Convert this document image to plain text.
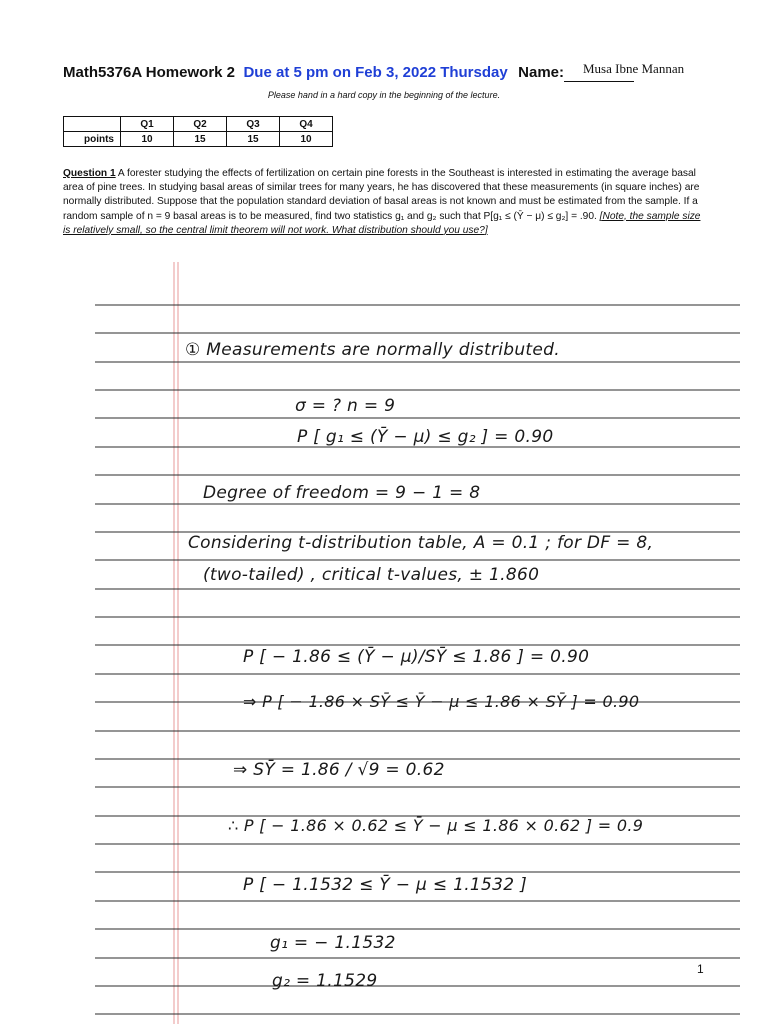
Math5376A Homework 2 Due at 5 pm on Feb 3, 2022 Thursday Name: Musa Ibne Mannan
Please hand in a hard copy in the beginning of the lecture.
	Q1	Q2	Q3	Q4
points	10	15	15	10
Question 1 A forester studying the effects of fertilization on certain pine forests in the Southeast is interested in estimating the average basal area of pine trees. In studying basal areas of similar trees for many years, he has discovered that these measurements (in square inches) are normally distributed. Suppose that the population standard deviation of basal areas is not known and must be estimated from the sample. If a random sample of n = 9 basal areas is to be measured, find two statistics g₁ and g₂ such that P[g₁ ≤ (Ȳ − μ) ≤ g₂] = .90. [Note, the sample size is relatively small, so the central limit theorem will not work. What distribution should you use?]
① Measurements are normally distributed.
σ = ? n = 9
P [ g₁ ≤ (Ȳ − μ) ≤ g₂ ] = 0.90
Degree of freedom = 9 − 1 = 8
Considering t-distribution table, A = 0.1 ; for DF = 8,
(two-tailed) , critical t-values, ± 1.860
P [ − 1.86 ≤ (Ȳ − μ)/SȲ ≤ 1.86 ] = 0.90
⇒ P [ − 1.86 × SȲ ≤ Ȳ − μ ≤ 1.86 × SȲ ] = 0.90
⇒ SȲ = 1.86 / √9 = 0.62
∴ P [ − 1.86 × 0.62 ≤ Ȳ − μ ≤ 1.86 × 0.62 ] = 0.9
P [ − 1.1532 ≤ Ȳ − μ ≤ 1.1532 ]
g₁ = − 1.1532
g₂ = 1.1529
1
